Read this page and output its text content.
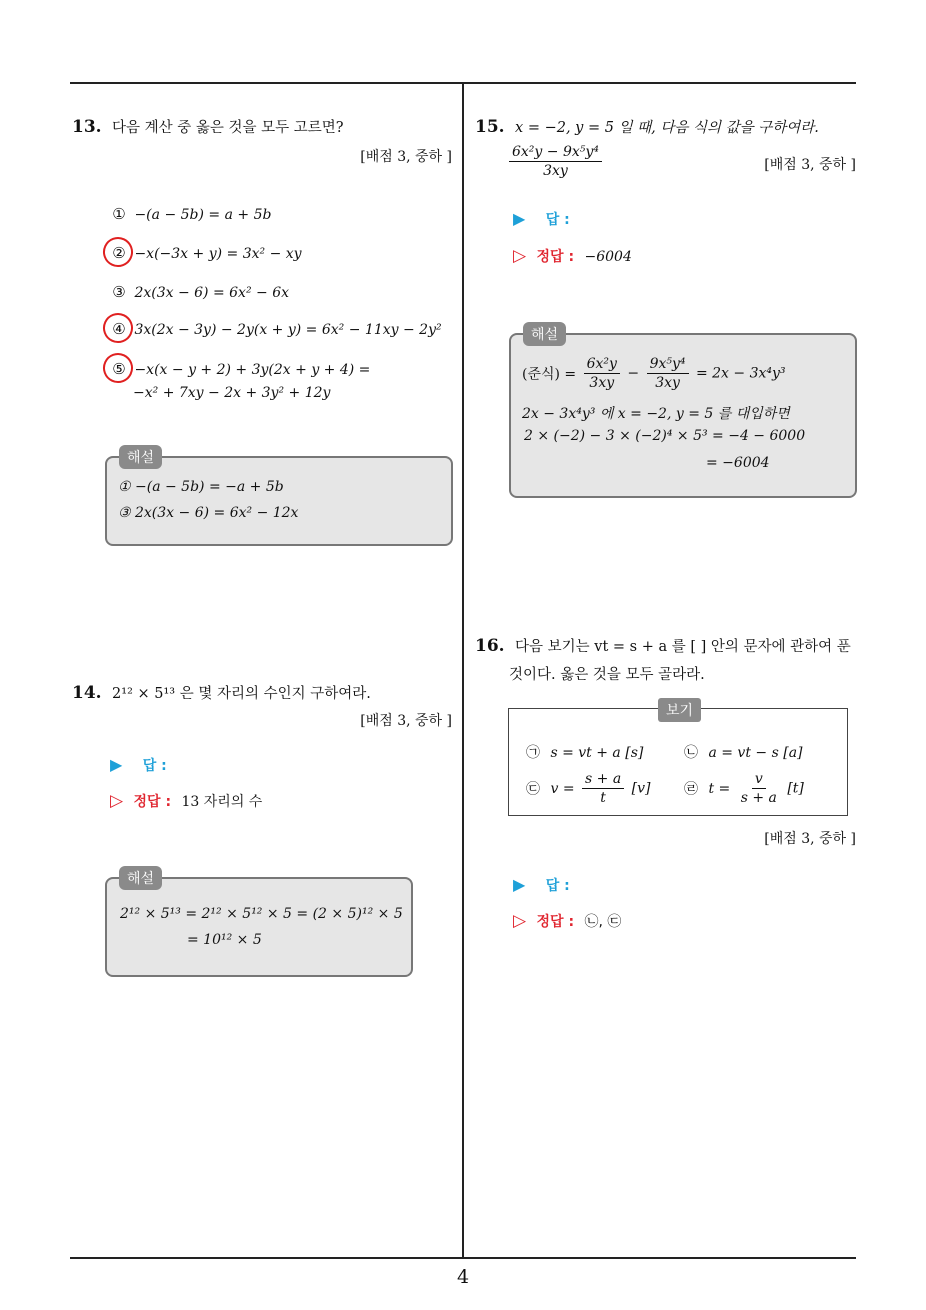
4
13. 다음 계산 중 옳은 것을 모두 고르면?
[배점 3, 중하 ]
① −(a − 5b) = a + 5b
② −x(−3x + y) = 3x² − xy
③ 2x(3x − 6) = 6x² − 6x
④ 3x(2x − 3y) − 2y(x + y) = 6x² − 11xy − 2y²
⑤ −x(x − y + 2) + 3y(2x + y + 4) =
−x² + 7xy − 2x + 3y² + 12y
해설
① −(a − 5b) = −a + 5b
③ 2x(3x − 6) = 6x² − 12x
14. 2¹² × 5¹³ 은 몇 자리의 수인지 구하여라.
[배점 3, 중하 ]
▶ 답 :
▷ 정답 : 13 자리의 수
해설
2¹² × 5¹³ = 2¹² × 5¹² × 5 = (2 × 5)¹² × 5
= 10¹² × 5
15. x = −2, y = 5 일 때, 다음 식의 값을 구하여라.
$\frac{\text{6x²y − 9x⁵y⁴}}{3xy}$	[배점 3, 중하 ]
▶ 답 :
▷ 정답 : −6004
해설
(준식) = $\frac{\text{6x²y}}{3xy} - \frac{\text{9x⁵y⁴}}{3xy} = 2x - 3x^4y^3$
2x − 3x⁴y³ 에 x = −2, y = 5 를 대입하면
2 × (−2) − 3 × (−2)⁴ × 5³ = −4 − 6000
= −6004
16. 다음 보기는 vt = s + a 를 [ ] 안의 문자에 관하여 푼
것이다. 옳은 것을 모두 골라라.
보기
㉠ s = vt + a [s]	㉡ a = vt − s [a]
㉢ $v = \frac{s + a}{t} [v]$ ㉣ $t = \frac{v}{s + a} [t]$
[배점 3, 중하 ]
▶ 답 :
▷ 정답 : ㉡, ㉢
